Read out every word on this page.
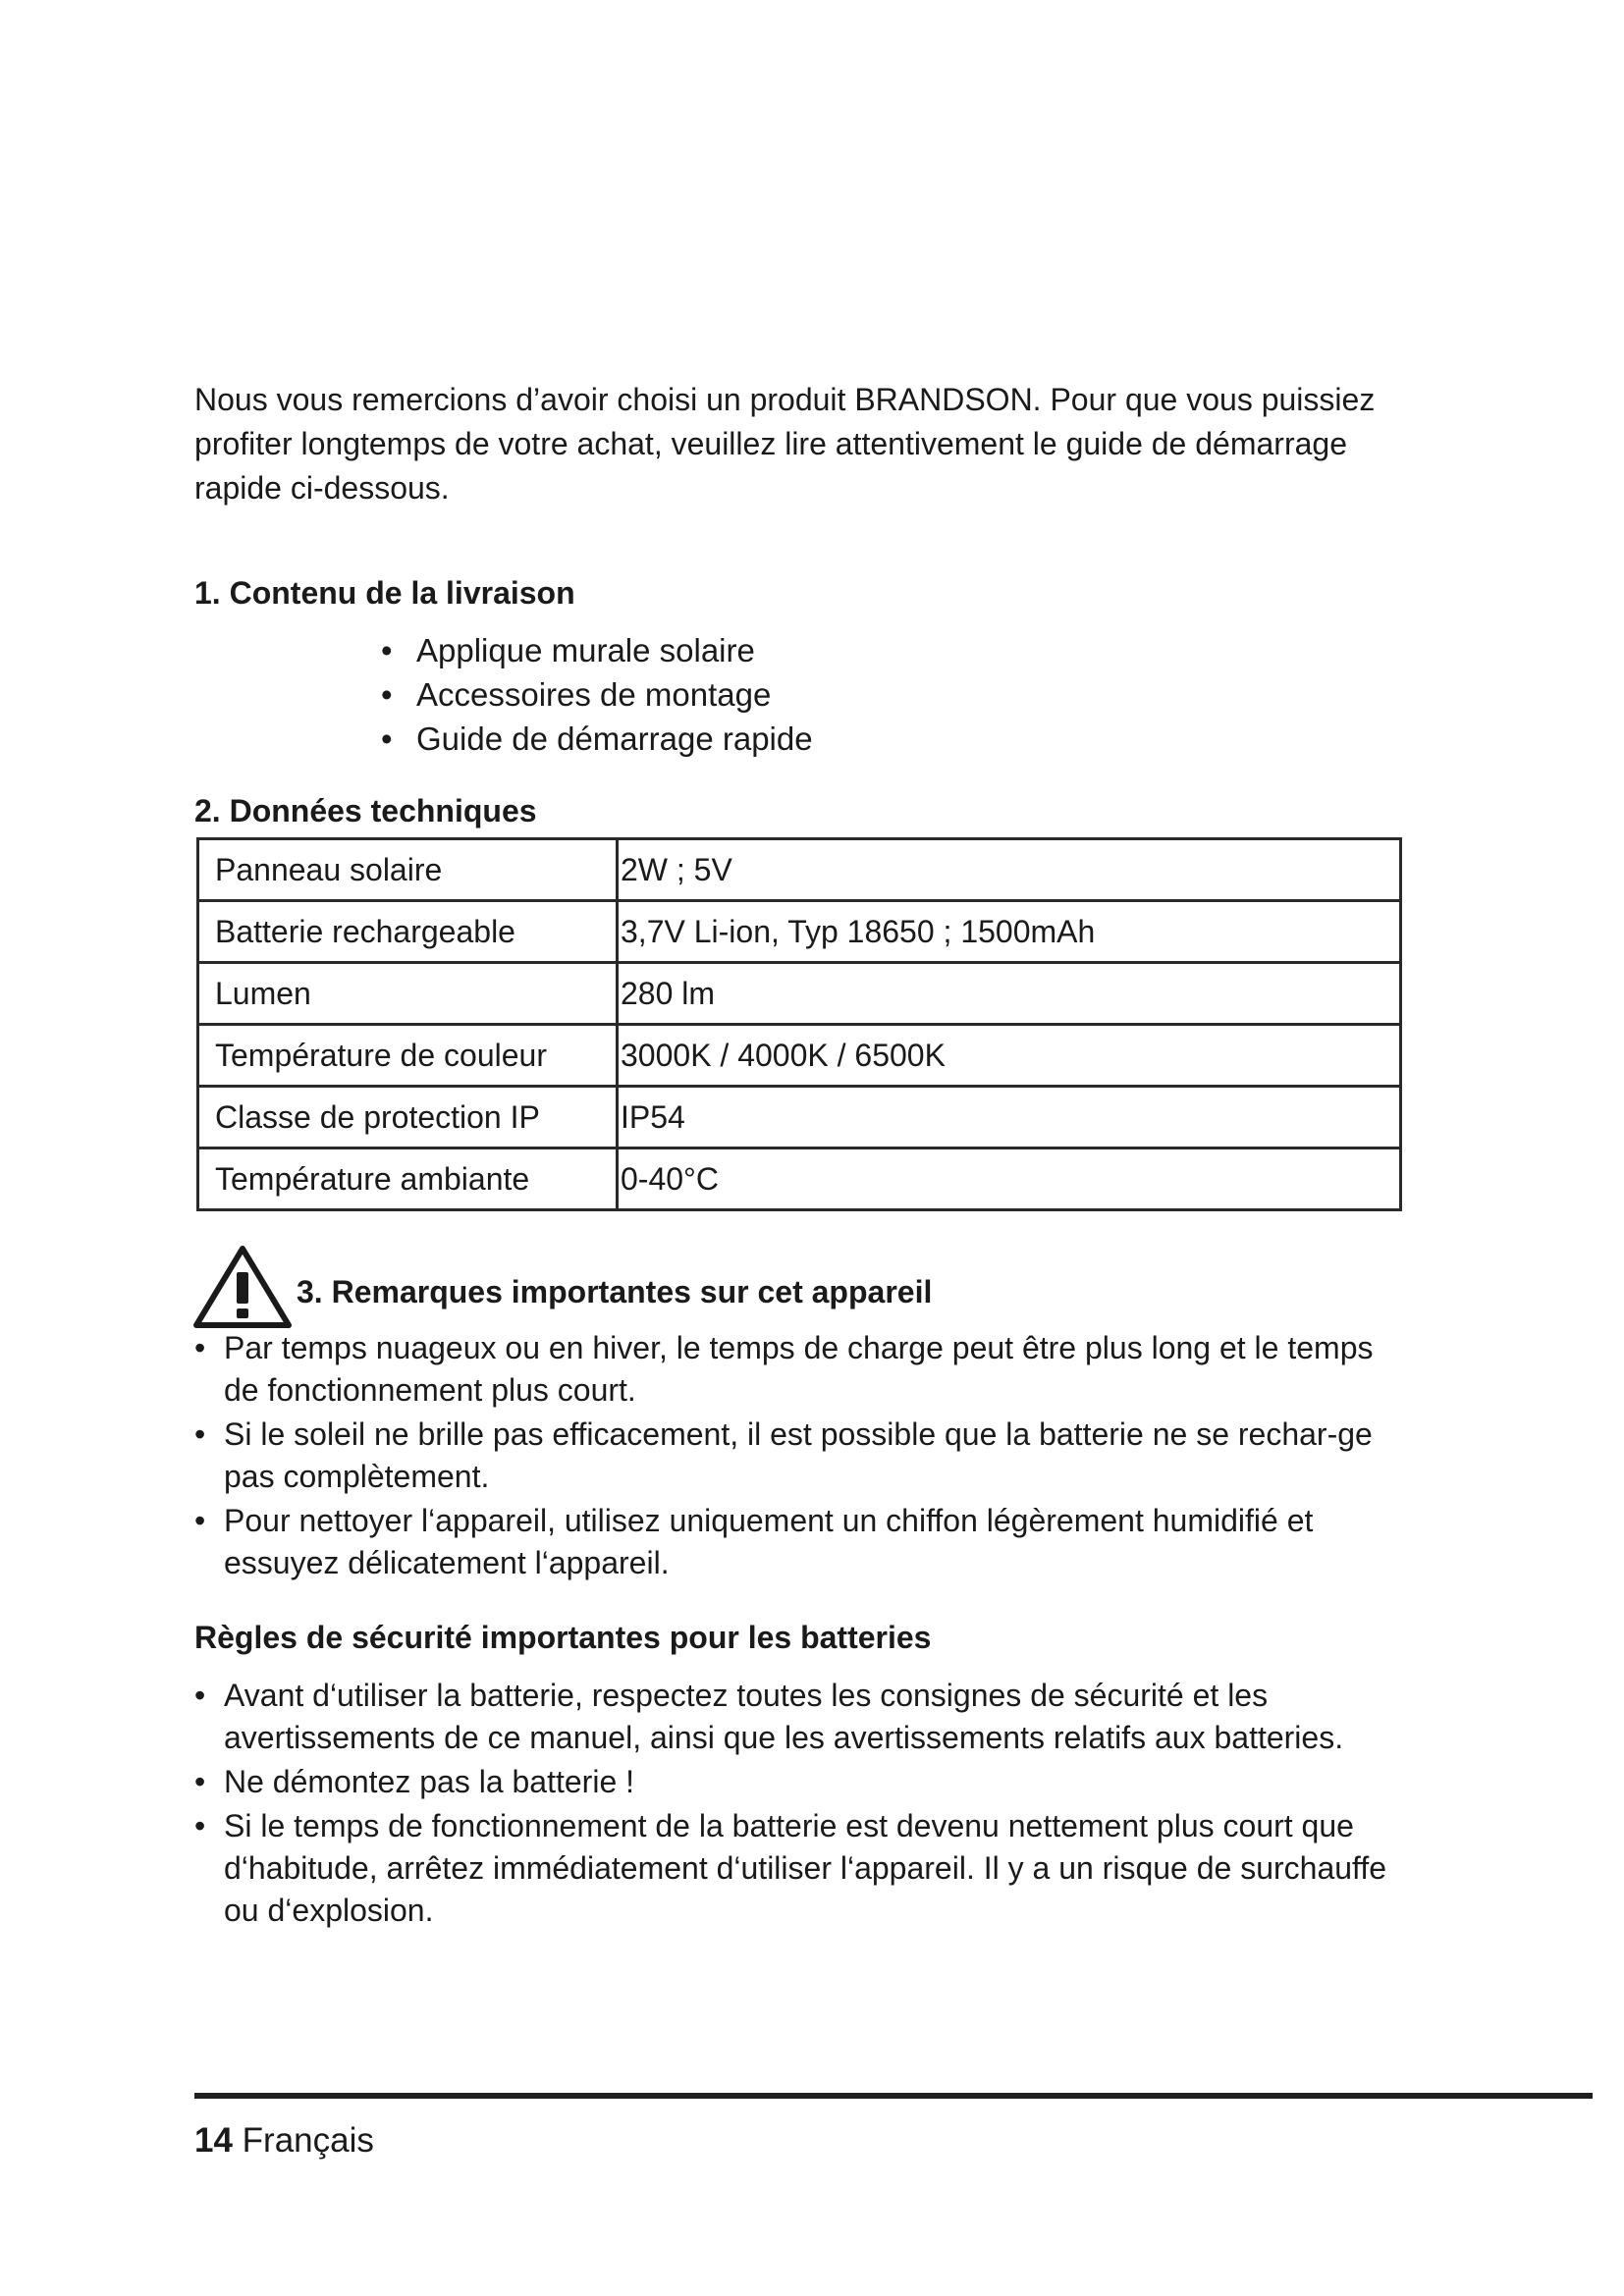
Nous vous remercions d’avoir choisi un produit BRANDSON. Pour que vous puissiez profiter longtemps de votre achat, veuillez lire attentivement le guide de démarrage rapide ci-dessous.

1. Contenu de la livraison
• Applique murale solaire
• Accessoires de montage
• Guide de démarrage rapide
2. Données techniques
Panneau solaire	2W ; 5V
Batterie rechargeable	3,7V Li-ion, Typ 18650 ; 1500mAh
Lumen	280 lm
Température de couleur	3000K / 4000K / 6500K
Classe de protection IP	IP54
Température ambiante	0-40°C
3. Remarques importantes sur cet appareil
• Par temps nuageux ou en hiver, le temps de charge peut être plus long et le temps de fonctionnement plus court.
• Si le soleil ne brille pas efficacement, il est possible que la batterie ne se rechar-ge pas complètement.
• Pour nettoyer l‘appareil, utilisez uniquement un chiffon légèrement humidifié et essuyez délicatement l‘appareil.
Règles de sécurité importantes pour les batteries
• Avant d‘utiliser la batterie, respectez toutes les consignes de sécurité et les avertissements de ce manuel, ainsi que les avertissements relatifs aux batteries.
• Ne démontez pas la batterie !
• Si le temps de fonctionnement de la batterie est devenu nettement plus court que d‘habitude, arrêtez immédiatement d‘utiliser l‘appareil. Il y a un risque de surchauffe ou d‘explosion.
14 Français
